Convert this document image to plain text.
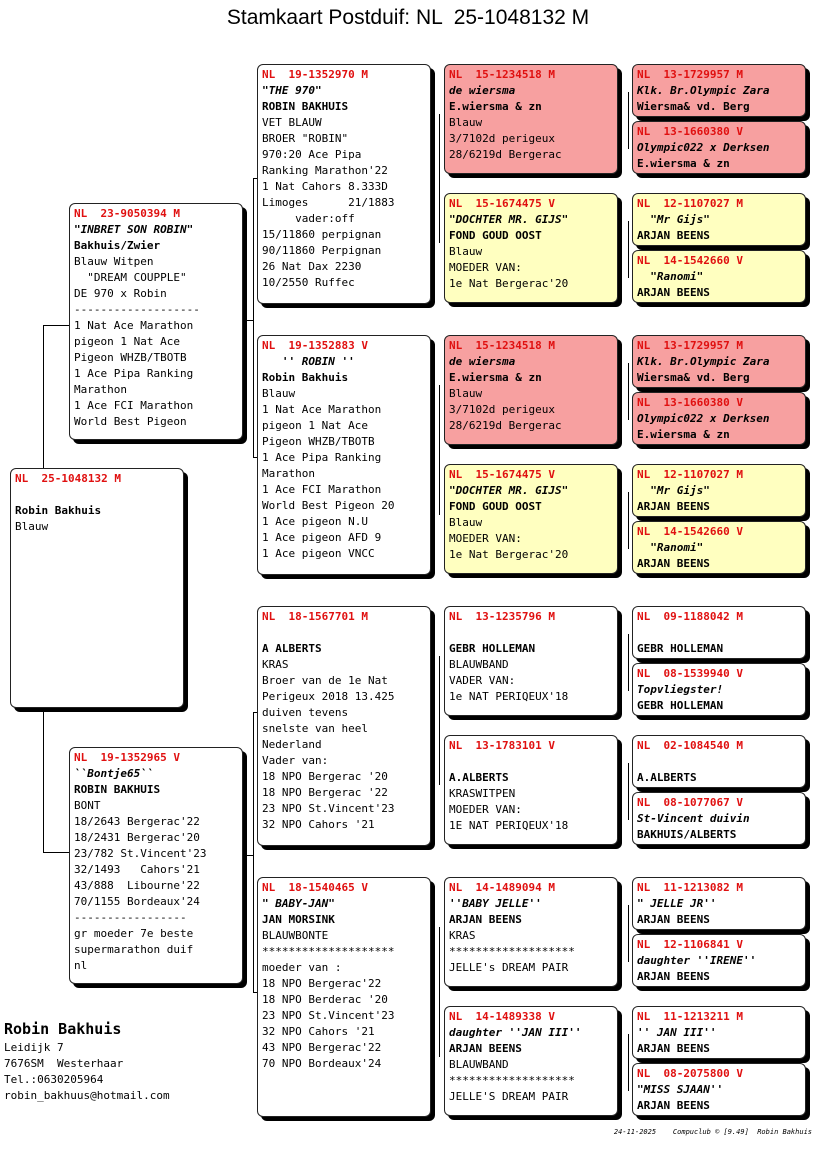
Stamkaart Postduif: NL  25-1048132 M
NL  25-1048132 M
Robin Bakhuis
Blauw
NL  23-9050394 M
"INBRET SON ROBIN"
Bakhuis/Zwier
Blauw Witpen
"DREAM COUPPLE"
DE 970 x Robin
-------------------
1 Nat Ace Marathon
pigeon 1 Nat Ace
Pigeon WHZB/TBOTB
1 Ace Pipa Ranking
Marathon
1 Ace FCI Marathon
World Best Pigeon
NL  19-1352965 V
``Bontje65``
ROBIN BAKHUIS
BONT
18/2643 Bergerac'22
18/2431 Bergerac'20
23/782 St.Vincent'23
32/1493   Cahors'21
43/888  Libourne'22
70/1155 Bordeaux'24
-----------------
gr moeder 7e beste
supermarathon duif
nl
NL  19-1352970 M
"THE 970"
ROBIN BAKHUIS
VET BLAUW
BROER "ROBIN"
970:20 Ace Pipa
Ranking Marathon'22
1 Nat Cahors 8.333D
Limoges      21/1883
vader:off
15/11860 perpignan
90/11860 Perpignan
26 Nat Dax 2230
10/2550 Ruffec
NL  19-1352883 V
'' ROBIN ''
Robin Bakhuis
Blauw
1 Nat Ace Marathon
pigeon 1 Nat Ace
Pigeon WHZB/TBOTB
1 Ace Pipa Ranking
Marathon
1 Ace FCI Marathon
World Best Pigeon 20
1 Ace pigeon N.U
1 Ace pigeon AFD 9
1 Ace pigeon VNCC
NL  18-1567701 M
A ALBERTS
KRAS
Broer van de 1e Nat
Perigeux 2018 13.425
duiven tevens
snelste van heel
Nederland
Vader van:
18 NPO Bergerac '20
18 NPO Bergerac '22
23 NPO St.Vincent'23
32 NPO Cahors '21
NL  18-1540465 V
" BABY-JAN"
JAN MORSINK
BLAUWBONTE
********************
moeder van :
18 NPO Bergerac'22
18 NPO Berderac '20
23 NPO St.Vincent'23
32 NPO Cahors '21
43 NPO Bergerac'22
70 NPO Bordeaux'24
NL  15-1234518 M
de wiersma
E.wiersma & zn
Blauw
3/7102d perigeux
28/6219d Bergerac
NL  15-1674475 V
"DOCHTER MR. GIJS"
FOND GOUD OOST
Blauw
MOEDER VAN:
1e Nat Bergerac'20
NL  15-1234518 M
de wiersma
E.wiersma & zn
Blauw
3/7102d perigeux
28/6219d Bergerac
NL  15-1674475 V
"DOCHTER MR. GIJS"
FOND GOUD OOST
Blauw
MOEDER VAN:
1e Nat Bergerac'20
NL  13-1235796 M
GEBR HOLLEMAN
BLAUWBAND
VADER VAN:
1e NAT PERIQEUX'18
NL  13-1783101 V
A.ALBERTS
KRASWITPEN
MOEDER VAN:
1E NAT PERIQEUX'18
NL  14-1489094 M
''BABY JELLE''
ARJAN BEENS
KRAS
*******************
JELLE's DREAM PAIR
NL  14-1489338 V
daughter ''JAN III''
ARJAN BEENS
BLAUWBAND
*******************
JELLE'S DREAM PAIR
NL  13-1729957 M
Klk. Br.Olympic Zara
Wiersma& vd. Berg
NL  13-1660380 V
Olympic022 x Derksen
E.wiersma & zn
NL  12-1107027 M
"Mr Gijs"
ARJAN BEENS
NL  14-1542660 V
"Ranomi"
ARJAN BEENS
NL  13-1729957 M
Klk. Br.Olympic Zara
Wiersma& vd. Berg
NL  13-1660380 V
Olympic022 x Derksen
E.wiersma & zn
NL  12-1107027 M
"Mr Gijs"
ARJAN BEENS
NL  14-1542660 V
"Ranomi"
ARJAN BEENS
NL  09-1188042 M
GEBR HOLLEMAN
NL  08-1539940 V
Topvliegster!
GEBR HOLLEMAN
NL  02-1084540 M
A.ALBERTS
NL  08-1077067 V
St-Vincent duivin
BAKHUIS/ALBERTS
NL  11-1213082 M
" JELLE JR''
ARJAN BEENS
NL  12-1106841 V
daughter ''IRENE''
ARJAN BEENS
NL  11-1213211 M
'' JAN III''
ARJAN BEENS
NL  08-2075800 V
"MISS SJAAN''
ARJAN BEENS
Robin Bakhuis
Leidijk 7
7676SM  Westerhaar
Tel.:0630205964
robin_bakhuus@hotmail.com
24-11-2025    Compuclub © [9.49]  Robin Bakhuis
